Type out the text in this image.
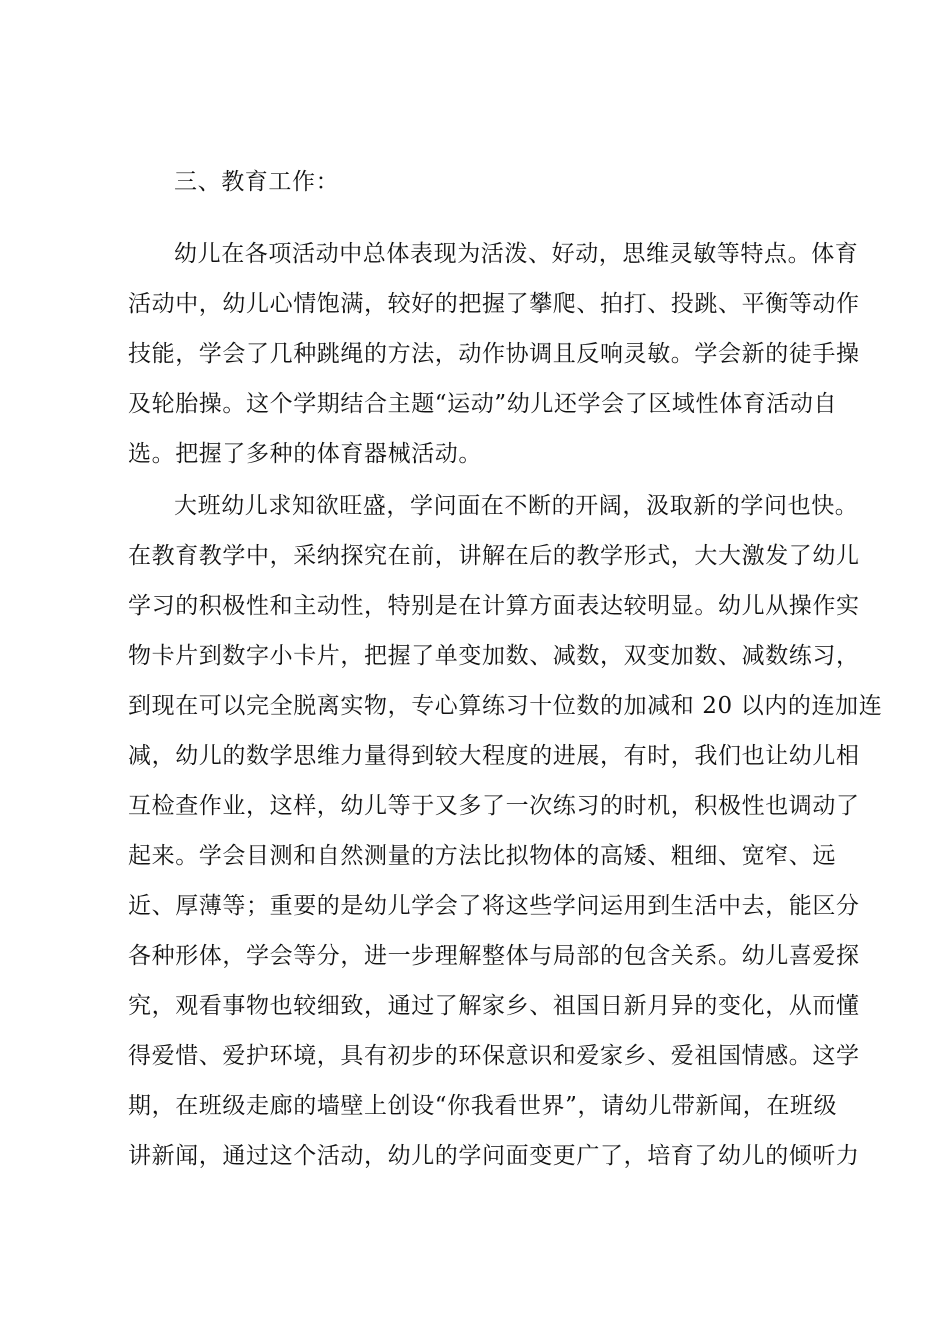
三、教育工作：
幼儿在各项活动中总体表现为活泼、好动，思维灵敏等特点。体育
活动中，幼儿心情饱满，较好的把握了攀爬、拍打、投跳、平衡等动作
技能，学会了几种跳绳的方法，动作协调且反响灵敏。学会新的徒手操
及轮胎操。这个学期结合主题“运动”幼儿还学会了区域性体育活动自
选。把握了多种的体育器械活动。
大班幼儿求知欲旺盛，学问面在不断的开阔，汲取新的学问也快。
在教育教学中，采纳探究在前，讲解在后的教学形式，大大激发了幼儿
学习的积极性和主动性，特别是在计算方面表达较明显。幼儿从操作实
物卡片到数字小卡片，把握了单变加数、减数，双变加数、减数练习，
到现在可以完全脱离实物，专心算练习十位数的加减和 20 以内的连加连
减，幼儿的数学思维力量得到较大程度的进展，有时，我们也让幼儿相
互检查作业，这样，幼儿等于又多了一次练习的时机，积极性也调动了
起来。学会目测和自然测量的方法比拟物体的高矮、粗细、宽窄、远
近、厚薄等；重要的是幼儿学会了将这些学问运用到生活中去，能区分
各种形体，学会等分，进一步理解整体与局部的包含关系。幼儿喜爱探
究，观看事物也较细致，通过了解家乡、祖国日新月异的变化，从而懂
得爱惜、爱护环境，具有初步的环保意识和爱家乡、爱祖国情感。这学
期，在班级走廊的墙壁上创设“你我看世界”，请幼儿带新闻，在班级
讲新闻，通过这个活动，幼儿的学问面变更广了，培育了幼儿的倾听力
